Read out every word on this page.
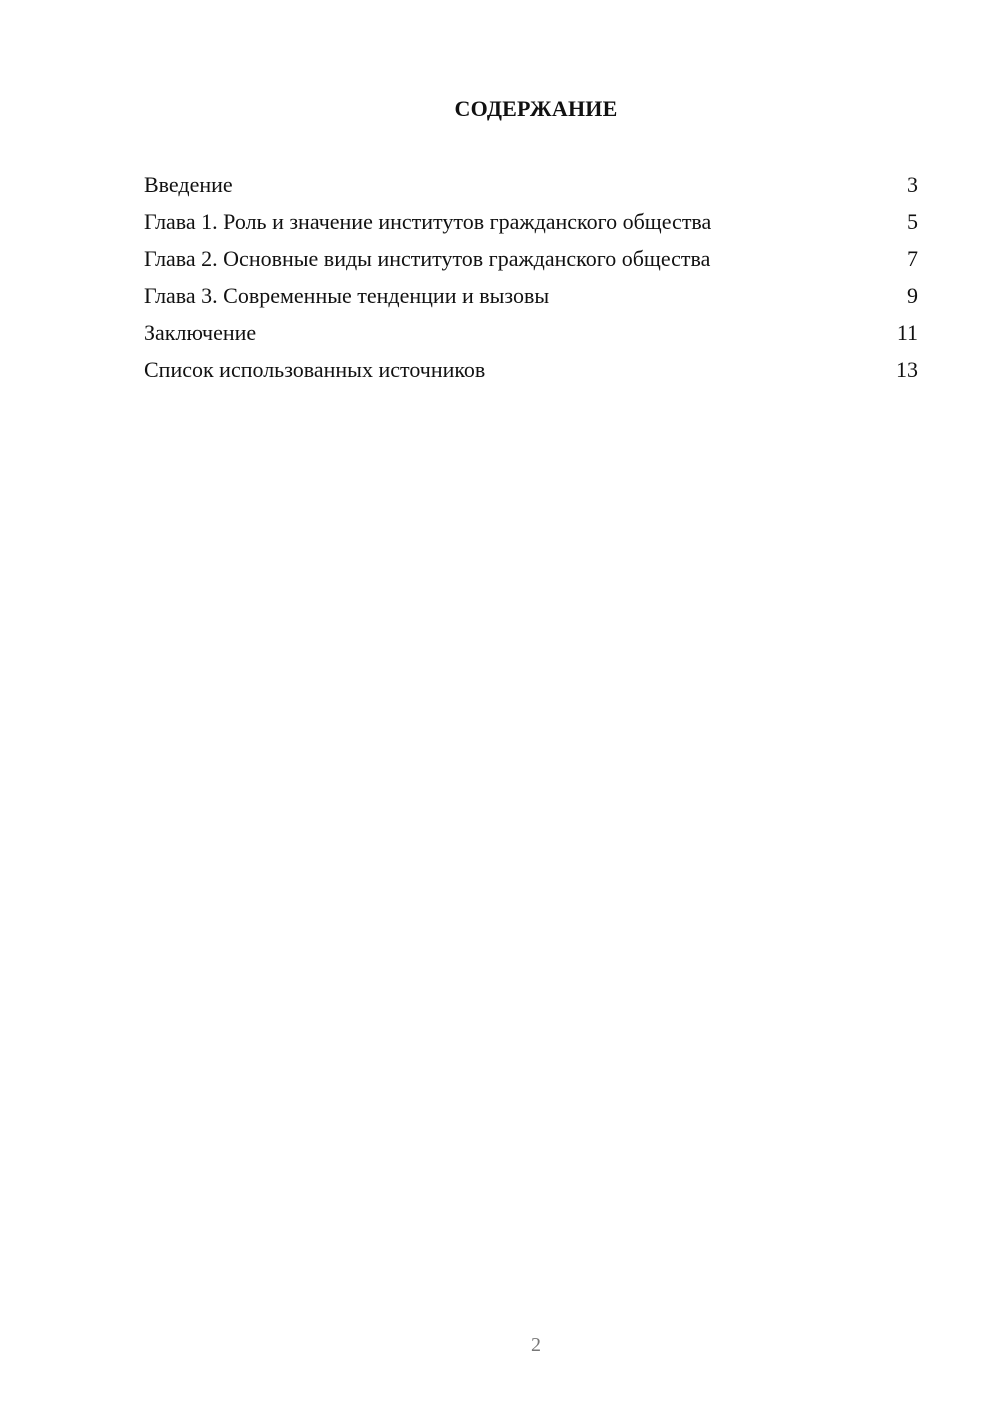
СОДЕРЖАНИЕ
Введение	3
Глава 1. Роль и значение институтов гражданского общества	5
Глава 2. Основные виды институтов гражданского общества	7
Глава 3. Современные тенденции и вызовы	9
Заключение	11
Список использованных источников	13
2
